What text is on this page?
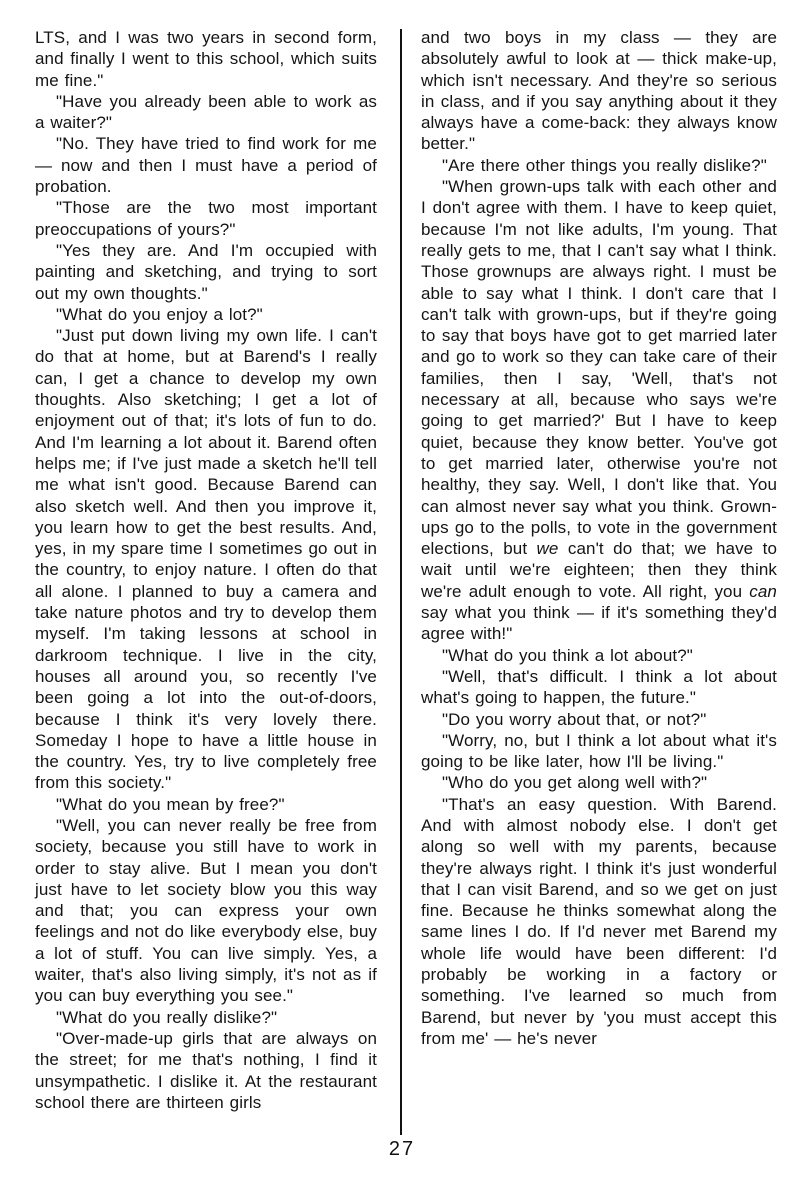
LTS, and I was two years in second form, and finally I went to this school, which suits me fine."

"Have you already been able to work as a waiter?"

"No. They have tried to find work for me — now and then I must have a period of probation.

"Those are the two most important preoccupations of yours?"

"Yes they are. And I'm occupied with painting and sketching, and trying to sort out my own thoughts."

"What do you enjoy a lot?"

"Just put down living my own life. I can't do that at home, but at Barend's I really can, I get a chance to develop my own thoughts. Also sketching; I get a lot of enjoyment out of that; it's lots of fun to do. And I'm learning a lot about it. Barend often helps me; if I've just made a sketch he'll tell me what isn't good. Because Barend can also sketch well. And then you improve it, you learn how to get the best results. And, yes, in my spare time I sometimes go out in the country, to enjoy nature. I often do that all alone. I planned to buy a camera and take nature photos and try to develop them myself. I'm taking lessons at school in darkroom technique. I live in the city, houses all around you, so recently I've been going a lot into the out-of-doors, because I think it's very lovely there. Someday I hope to have a little house in the country. Yes, try to live completely free from this society."

"What do you mean by free?"

"Well, you can never really be free from society, because you still have to work in order to stay alive. But I mean you don't just have to let society blow you this way and that; you can express your own feelings and not do like everybody else, buy a lot of stuff. You can live simply. Yes, a waiter, that's also living simply, it's not as if you can buy everything you see."

"What do you really dislike?"

"Over-made-up girls that are always on the street; for me that's nothing, I find it unsympathetic. I dislike it. At the restaurant school there are thirteen girls

and two boys in my class — they are absolutely awful to look at — thick make-up, which isn't necessary. And they're so serious in class, and if you say anything about it they always have a come-back: they always know better."

"Are there other things you really dislike?"

"When grown-ups talk with each other and I don't agree with them. I have to keep quiet, because I'm not like adults, I'm young. That really gets to me, that I can't say what I think. Those grownups are always right. I must be able to say what I think. I don't care that I can't talk with grown-ups, but if they're going to say that boys have got to get married later and go to work so they can take care of their families, then I say, 'Well, that's not necessary at all, because who says we're going to get married?' But I have to keep quiet, because they know better. You've got to get married later, otherwise you're not healthy, they say. Well, I don't like that. You can almost never say what you think. Grown-ups go to the polls, to vote in the government elections, but we can't do that; we have to wait until we're eighteen; then they think we're adult enough to vote. All right, you can say what you think — if it's something they'd agree with!"

"What do you think a lot about?"

"Well, that's difficult. I think a lot about what's going to happen, the future."

"Do you worry about that, or not?"

"Worry, no, but I think a lot about what it's going to be like later, how I'll be living."

"Who do you get along well with?"

"That's an easy question. With Barend. And with almost nobody else. I don't get along so well with my parents, because they're always right. I think it's just wonderful that I can visit Barend, and so we get on just fine. Because he thinks somewhat along the same lines I do. If I'd never met Barend my whole life would have been different: I'd probably be working in a factory or something. I've learned so much from Barend, but never by 'you must accept this from me' — he's never

27
